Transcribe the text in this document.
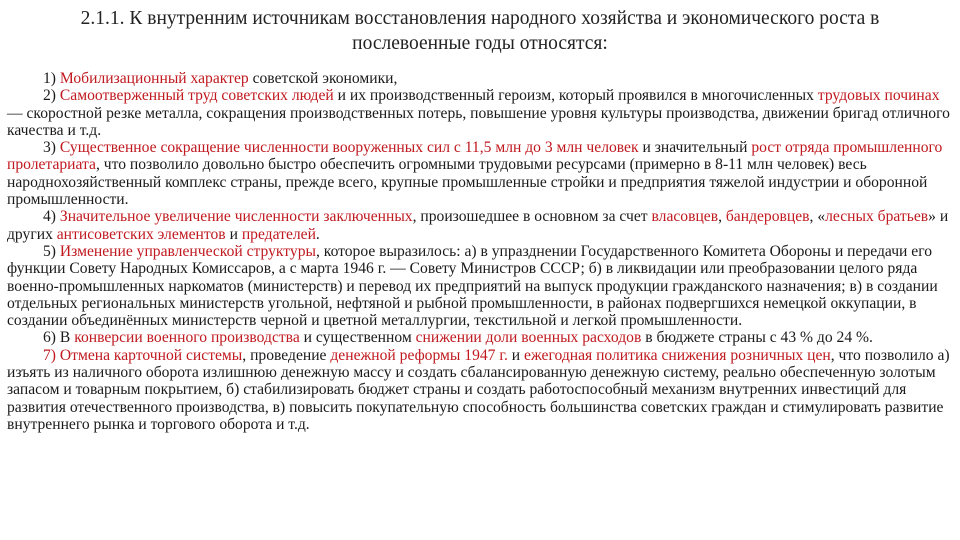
2.1.1. К внутренним источникам восстановления народного хозяйства и экономического роста в послевоенные годы относятся:

1) Мобилизационный характер советской экономики,

2) Самоотверженный труд советских людей и их производственный героизм, который проявился в многочисленных трудовых починах — скоростной резке металла, сокращения производственных потерь, повышение уровня культуры производства, движении бригад отличного качества и т.д.

3) Существенное сокращение численности вооруженных сил с 11,5 млн до 3 млн человек и значительный рост отряда промышленного пролетариата, что позволило довольно быстро обеспечить огромными трудовыми ресурсами (примерно в 8-11 млн человек) весь народнохозяйственный комплекс страны, прежде всего, крупные промышленные стройки и предприятия тяжелой индустрии и оборонной промышленности.

4) Значительное увеличение численности заключенных, произошедшее в основном за счет власовцев, бандеровцев, «лесных братьев» и других антисоветских элементов и предателей.

5) Изменение управленческой структуры, которое выразилось: а) в упразднении Государственного Комитета Обороны и передачи его функции Совету Народных Комиссаров, а с марта 1946 г. — Совету Министров СССР; б) в ликвидации или преобразовании целого ряда военно-промышленных наркоматов (министерств) и перевод их предприятий на выпуск продукции гражданского назначения; в) в создании отдельных региональных министерств угольной, нефтяной и рыбной промышленности, в районах подвергшихся немецкой оккупации, в создании объединённых министерств черной и цветной металлургии, текстильной и легкой промышленности.

6) В конверсии военного производства и существенном снижении доли военных расходов в бюджете страны с 43 % до 24 %.

7) Отмена карточной системы, проведение денежной реформы 1947 г. и ежегодная политика снижения розничных цен, что позволило а) изъять из наличного оборота излишнюю денежную массу и создать сбалансированную денежную систему, реально обеспеченную золотым запасом и товарным покрытием, б) стабилизировать бюджет страны и создать работоспособный механизм внутренних инвестиций для развития отечественного производства, в) повысить покупательную способность большинства советских граждан и стимулировать развитие внутреннего рынка и торгового оборота и т.д.
